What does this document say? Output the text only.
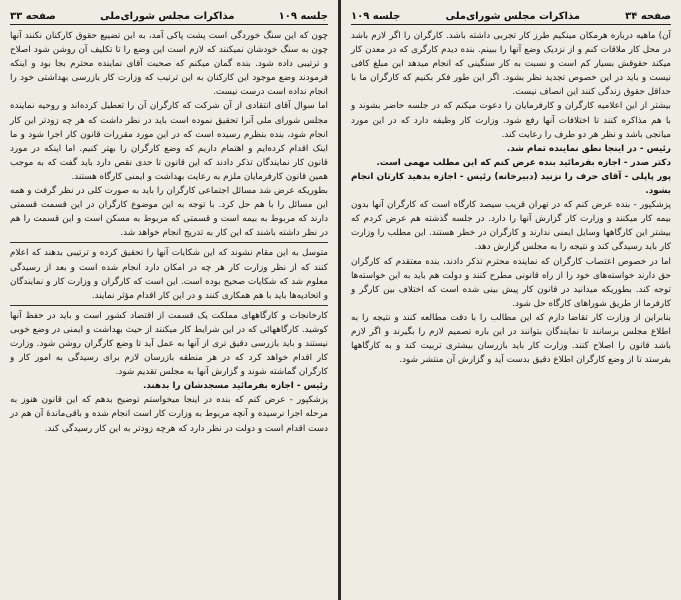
جلسه ۱۰۹
مذاکرات مجلس شورای‌ملی
صفحه ۳۳

چون که این سنگ خوردگی است پشت پاکی آمد، به این تضییع حقوق کارکنان نکنند آنها چون به سنگ خودشان نمیکنند که لازم است این وضع را تا تکلیف آن روشن شود اصلاح و ترتیبی داده شود. بنده گمان میکنم که صحبت آقای نماینده محترم بجا بود و اینکه فرمودند وضع موجود این کارکنان به این ترتیب که وزارت کار بازرسی بهداشتی خود را انجام نداده است درست نیست.

اما سوال آقای انتقادی از آن شرکت که کارگران آن را تعطیل کرده‌اند و روحیه نماینده مجلس شورای ملی آنرا تحقیق نموده است باید در نظر داشت که هر چه زودتر این کار انجام شود، بنده بنظرم رسیده است که در این مورد مقررات قانون کار اجرا شود و ما اینک اقدام کرده‌ایم و اهتمام داریم که وضع کارگران را بهتر کنیم. اما اینکه در مورد قانون کار نمایندگان تذکر دادند که این قانون تا حدی نقص دارد باید گفت که به موجب همین قانون کارفرمایان ملزم به رعایت بهداشت و ایمنی کارگاه هستند.

بطوریکه عرض شد مسائل اجتماعی کارگران را باید به صورت کلی در نظر گرفت و همه این مسائل را با هم حل کرد. با توجه به این موضوع کارگران در این قسمت قسمتی دارند که مربوط به بیمه است و قسمتی که مربوط به مسکن است و این قسمت را هم در نظر داشته باشند که این کار به تدریج انجام خواهد شد.

متوسل به این مقام نشوند که این شکایات آنها را تحقیق کرده و ترتیبی بدهند که اعلام کنند که از نظر وزارت کار هر چه در امکان دارد انجام شده است و بعد از رسیدگی معلوم شد که شکایات صحیح بوده است. این است که کارگران و وزارت کار و نمایندگان و اتحادیه‌ها باید با هم همکاری کنند و در این کار اقدام مؤثر نمایند.

کارخانجات و کارگاههای مملکت یک قسمت از اقتصاد کشور است و باید در حفظ آنها کوشید. کارگاههائی که در این شرایط کار میکنند از حیث بهداشت و ایمنی در وضع خوبی نیستند و باید بازرسی دقیق تری از آنها به عمل آید تا وضع کارگران روشن شود. وزارت کار اقدام خواهد کرد که در هر منطقه بازرسان لازم برای رسیدگی به امور کار و کارگران گماشته شوند و گزارش آنها به مجلس تقدیم شود.

رئیس - اجازه بفرمائید مسجدشان را بدهند.

پزشکپور - عرض کنم که بنده در اینجا میخواستم توضیح بدهم که این قانون هنوز به مرحله اجرا نرسیده و آنچه مربوط به وزارت کار است انجام شده و باقی‌ماندهٔ آن هم در دست اقدام است و دولت در نظر دارد که هرچه زودتر به این کار رسیدگی کند.

صفحه ۳۴
مذاکرات مجلس شورای‌ملی
جلسه ۱۰۹

آن) ماهیه درباره هرمکان مینکیم طرز کار تجربی داشته باشد. کارگران را اگر لازم باشد در محل کار ملاقات کنم و از نزدیک وضع آنها را ببینم. بنده دیدم کارگری که در معدن کار میکند حقوقش بسیار کم است و نسبت به کار سنگینی که انجام میدهد این مبلغ کافی نیست و باید در این خصوص تجدید نظر بشود. اگر این طور فکر بکنیم که کارگران ما با حداقل حقوق زندگی کنند این انصاف نیست.

بیشتر از این اعلامیه کارگران و کارفرمایان را دعوت میکنم که در جلسه حاضر بشوند و با هم مذاکره کنند تا اختلافات آنها رفع شود. وزارت کار وظیفه دارد که در این مورد میانجی باشد و نظر هر دو طرف را رعایت کند.

رئیس - در اینجا نطق نماینده تمام شد.

دکتر صدر - اجازه بفرمائید بنده عرض کنم که این مطلب مهمی است.

پور پاپلی - آقای حرف را نزنید (دبیرخانه) رئیس - اجازه بدهید کارتان انجام بشود.

پزشکپور - بنده عرض کنم که در تهران قریب سیصد کارگاه است که کارگران آنها بدون بیمه کار میکنند و وزارت کار گزارش آنها را دارد. در جلسه گذشته هم عرض کردم که بیشتر این کارگاهها وسایل ایمنی ندارند و کارگران در خطر هستند. این مطلب را وزارت کار باید رسیدگی کند و نتیجه را به مجلس گزارش دهد.

اما در خصوص اعتصاب کارگران که نماینده محترم تذکر دادند، بنده معتقدم که کارگران حق دارند خواسته‌های خود را از راه قانونی مطرح کنند و دولت هم باید به این خواسته‌ها توجه کند. بطوریکه میدانید در قانون کار پیش بینی شده است که اختلاف بین کارگر و کارفرما از طریق شوراهای کارگاه حل شود.

بنابراین از وزارت کار تقاضا دارم که این مطالب را با دقت مطالعه کنند و نتیجه را به اطلاع مجلس برسانند تا نمایندگان بتوانند در این باره تصمیم لازم را بگیرند و اگر لازم باشد قانون را اصلاح کنند. وزارت کار باید بازرسان بیشتری تربیت کند و به کارگاهها بفرستد تا از وضع کارگران اطلاع دقیق بدست آید و گزارش آن منتشر شود.
